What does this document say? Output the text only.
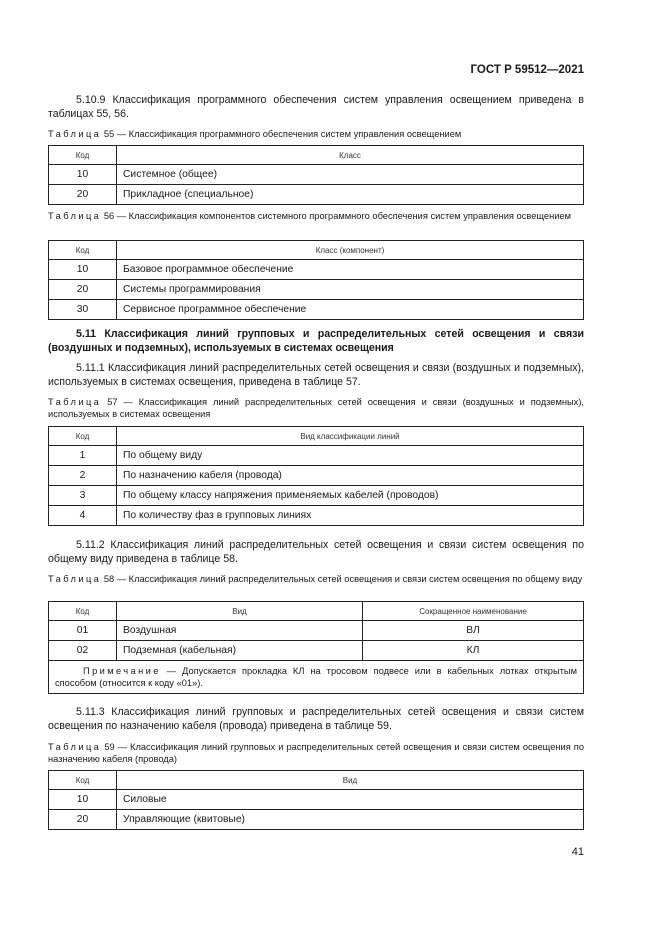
ГОСТ Р 59512—2021
5.10.9 Классификация программного обеспечения систем управления освещением приведена в таблицах 55, 56.
Таблица 55 — Классификация программного обеспечения систем управления освещением
Код	Класс
10	Системное (общее)
20	Прикладное (специальное)
Таблица 56 — Классификация компонентов системного программного обеспечения систем управления освещением
Код	Класс (компонент)
10	Базовое программное обеспечение
20	Системы программирования
30	Сервисное программное обеспечение
5.11 Классификация линий групповых и распределительных сетей освещения и связи (воздушных и подземных), используемых в системах освещения
5.11.1 Классификация линий распределительных сетей освещения и связи (воздушных и подземных), используемых в системах освещения, приведена в таблице 57.
Таблица 57 — Классификация линий распределительных сетей освещения и связи (воздушных и подземных), используемых в системах освещения
Код	Вид классификации линий
1	По общему виду
2	По назначению кабеля (провода)
3	По общему классу напряжения применяемых кабелей (проводов)
4	По количеству фаз в групповых линиях
5.11.2 Классификация линий распределительных сетей освещения и связи систем освещения по общему виду приведена в таблице 58.
Таблица 58 — Классификация линий распределительных сетей освещения и связи систем освещения по общему виду
Код	Вид	Сокращенное наименование
01	Воздушная	ВЛ
02	Подземная (кабельная)	КЛ
Примечание — Допускается прокладка КЛ на тросовом подвесе или в кабельных лотках открытым способом (относится к коду «01»).		
5.11.3 Классификация линий групповых и распределительных сетей освещения и связи систем освещения по назначению кабеля (провода) приведена в таблице 59.
Таблица 59 — Классификация линий групповых и распределительных сетей освещения и связи систем освещения по назначению кабеля (провода)
Код	Вид
10	Силовые
20	Управляющие (квитовые)
41
